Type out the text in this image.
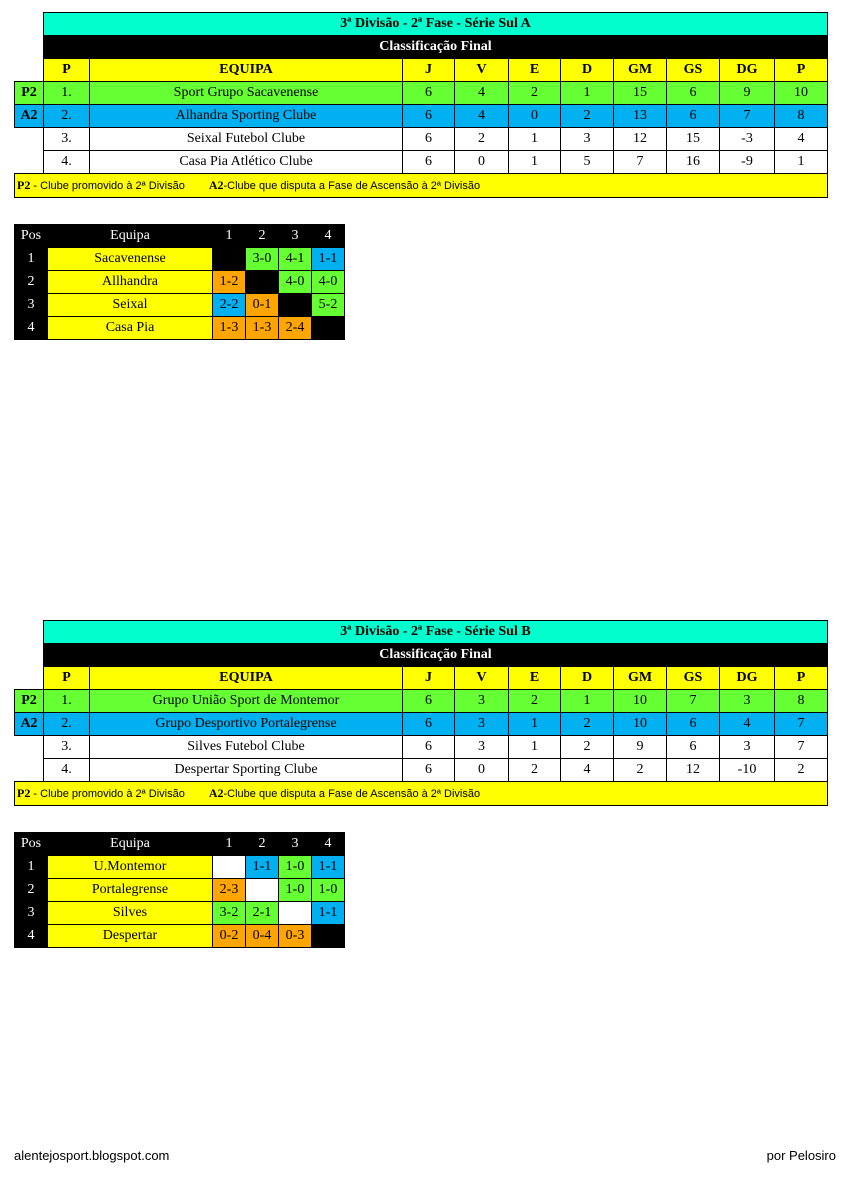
	3ª Divisão - 2ª Fase - Série Sul A									
	Classificação Final									
	P	EQUIPA	J	V	E	D	GM	GS	DG	P
P2	1.	Sport Grupo Sacavenense	6	4	2	1	15	6	9	10
A2	2.	Alhandra Sporting Clube	6	4	0	2	13	6	7	8
	3.	Seixal Futebol Clube	6	2	1	3	12	15	-3	4
	4.	Casa Pia Atlético Clube	6	0	1	5	7	16	-9	1
P2 - Clube promovido à 2ª Divisão A2-Clube que disputa a Fase de Ascensão à 2ª Divisão										
Pos	Equipa	1	2	3	4
1	Sacavenense		3-0	4-1	1-1
2	Allhandra	1-2		4-0	4-0
3	Seixal	2-2	0-1		5-2
4	Casa Pia	1-3	1-3	2-4	
	3ª Divisão - 2ª Fase - Série Sul B									
	Classificação Final									
	P	EQUIPA	J	V	E	D	GM	GS	DG	P
P2	1.	Grupo União Sport de Montemor	6	3	2	1	10	7	3	8
A2	2.	Grupo Desportivo Portalegrense	6	3	1	2	10	6	4	7
	3.	Silves Futebol Clube	6	3	1	2	9	6	3	7
	4.	Despertar Sporting Clube	6	0	2	4	2	12	-10	2
P2 - Clube promovido à 2ª Divisão A2-Clube que disputa a Fase de Ascensão à 2ª Divisão										
Pos	Equipa	1	2	3	4
1	U.Montemor		1-1	1-0	1-1
2	Portalegrense	2-3		1-0	1-0
3	Silves	3-2	2-1		1-1
4	Despertar	0-2	0-4	0-3	
alentejosport.blogspot.com	por Pelosiro
